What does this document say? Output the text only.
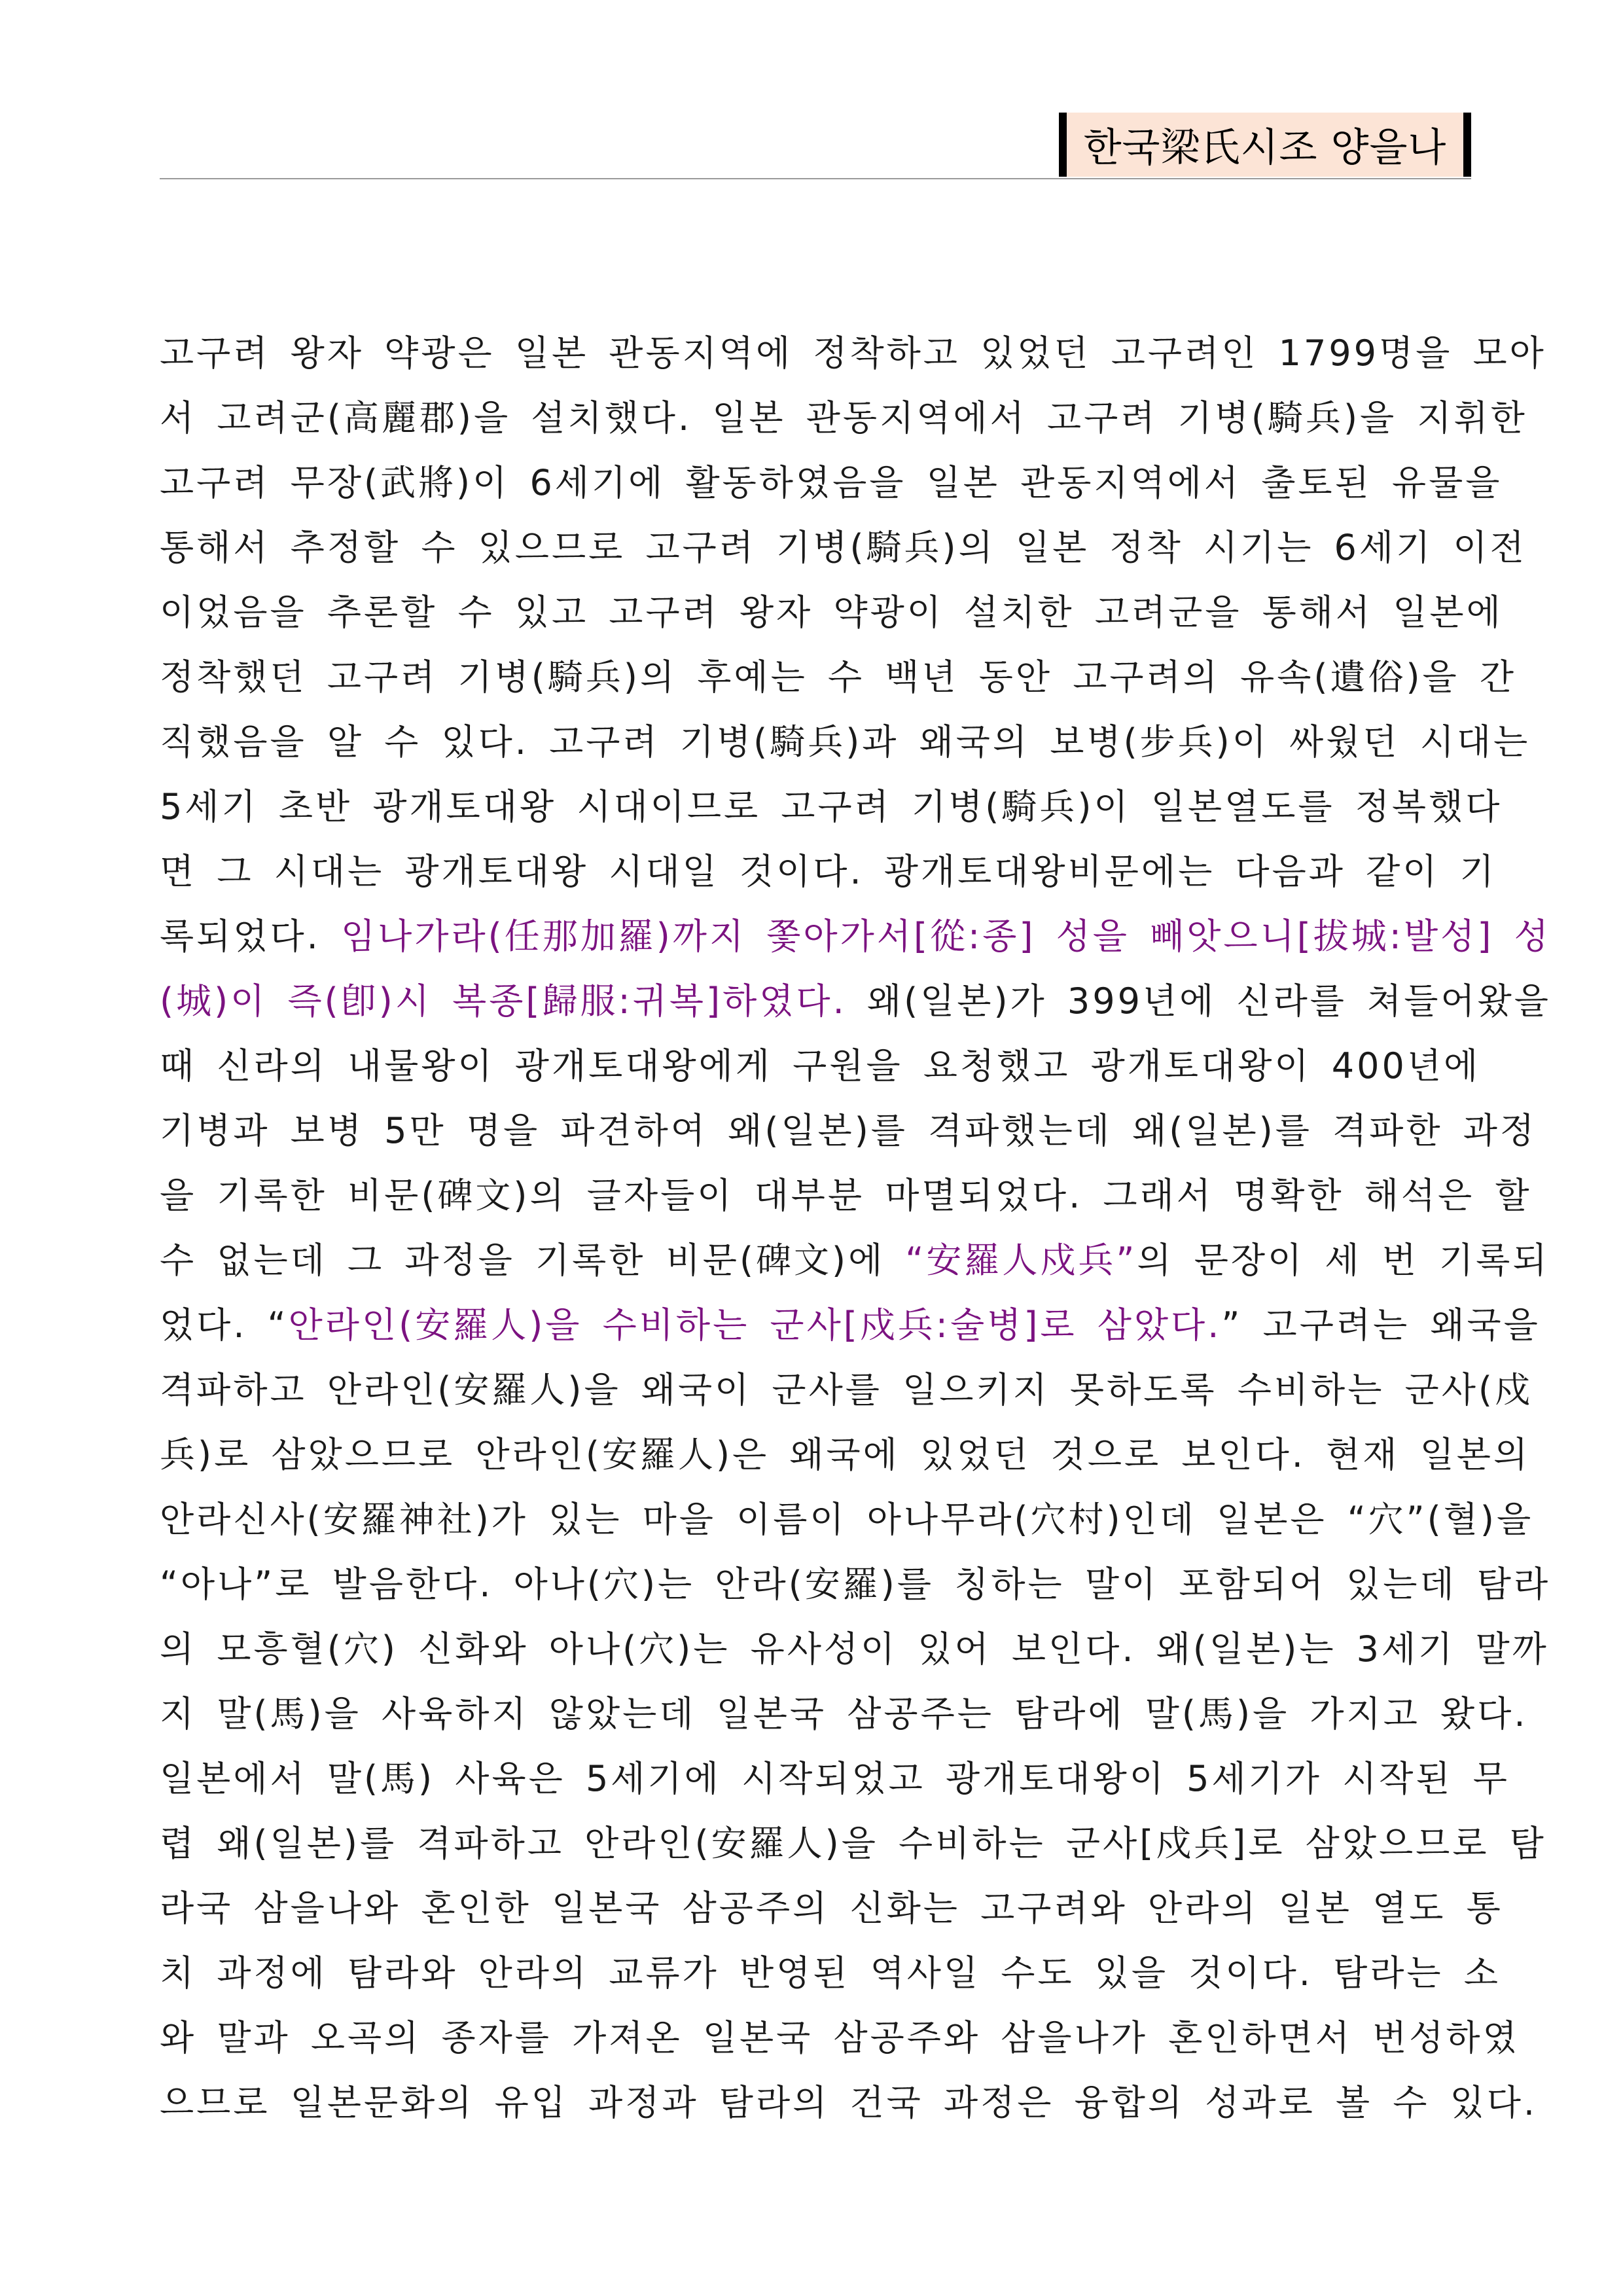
한국梁氏시조 양을나
고구려 왕자 약광은 일본 관동지역에 정착하고 있었던 고구려인 1799명을 모아
서 고려군(高麗郡)을 설치했다. 일본 관동지역에서 고구려 기병(騎兵)을 지휘한
고구려 무장(武將)이 6세기에 활동하였음을 일본 관동지역에서 출토된 유물을
통해서 추정할 수 있으므로 고구려 기병(騎兵)의 일본 정착 시기는 6세기 이전
이었음을 추론할 수 있고 고구려 왕자 약광이 설치한 고려군을 통해서 일본에
정착했던 고구려 기병(騎兵)의 후예는 수 백년 동안 고구려의 유속(遺俗)을 간
직했음을 알 수 있다. 고구려 기병(騎兵)과 왜국의 보병(步兵)이 싸웠던 시대는
5세기 초반 광개토대왕 시대이므로 고구려 기병(騎兵)이 일본열도를 정복했다
면 그 시대는 광개토대왕 시대일 것이다. 광개토대왕비문에는 다음과 같이 기
록되었다. 임나가라(任那加羅)까지 쫓아가서[從:종] 성을 빼앗으니[拔城:발성] 성
(城)이 즉(卽)시 복종[歸服:귀복]하였다. 왜(일본)가 399년에 신라를 쳐들어왔을
때 신라의 내물왕이 광개토대왕에게 구원을 요청했고 광개토대왕이 400년에
기병과 보병 5만 명을 파견하여 왜(일본)를 격파했는데 왜(일본)를 격파한 과정
을 기록한 비문(碑文)의 글자들이 대부분 마멸되었다. 그래서 명확한 해석은 할
수 없는데 그 과정을 기록한 비문(碑文)에 “安羅人戍兵”의 문장이 세 번 기록되
었다. “안라인(安羅人)을 수비하는 군사[戍兵:술병]로 삼았다.” 고구려는 왜국을
격파하고 안라인(安羅人)을 왜국이 군사를 일으키지 못하도록 수비하는 군사(戍
兵)로 삼았으므로 안라인(安羅人)은 왜국에 있었던 것으로 보인다. 현재 일본의
안라신사(安羅神社)가 있는 마을 이름이 아나무라(穴村)인데 일본은 “穴”(혈)을
“아나”로 발음한다. 아나(穴)는 안라(安羅)를 칭하는 말이 포함되어 있는데 탐라
의 모흥혈(穴) 신화와 아나(穴)는 유사성이 있어 보인다. 왜(일본)는 3세기 말까
지 말(馬)을 사육하지 않았는데 일본국 삼공주는 탐라에 말(馬)을 가지고 왔다.
일본에서 말(馬) 사육은 5세기에 시작되었고 광개토대왕이 5세기가 시작된 무
렵 왜(일본)를 격파하고 안라인(安羅人)을 수비하는 군사[戍兵]로 삼았으므로 탐
라국 삼을나와 혼인한 일본국 삼공주의 신화는 고구려와 안라의 일본 열도 통
치 과정에 탐라와 안라의 교류가 반영된 역사일 수도 있을 것이다. 탐라는 소
와 말과 오곡의 종자를 가져온 일본국 삼공주와 삼을나가 혼인하면서 번성하였
으므로 일본문화의 유입 과정과 탐라의 건국 과정은 융합의 성과로 볼 수 있다.
